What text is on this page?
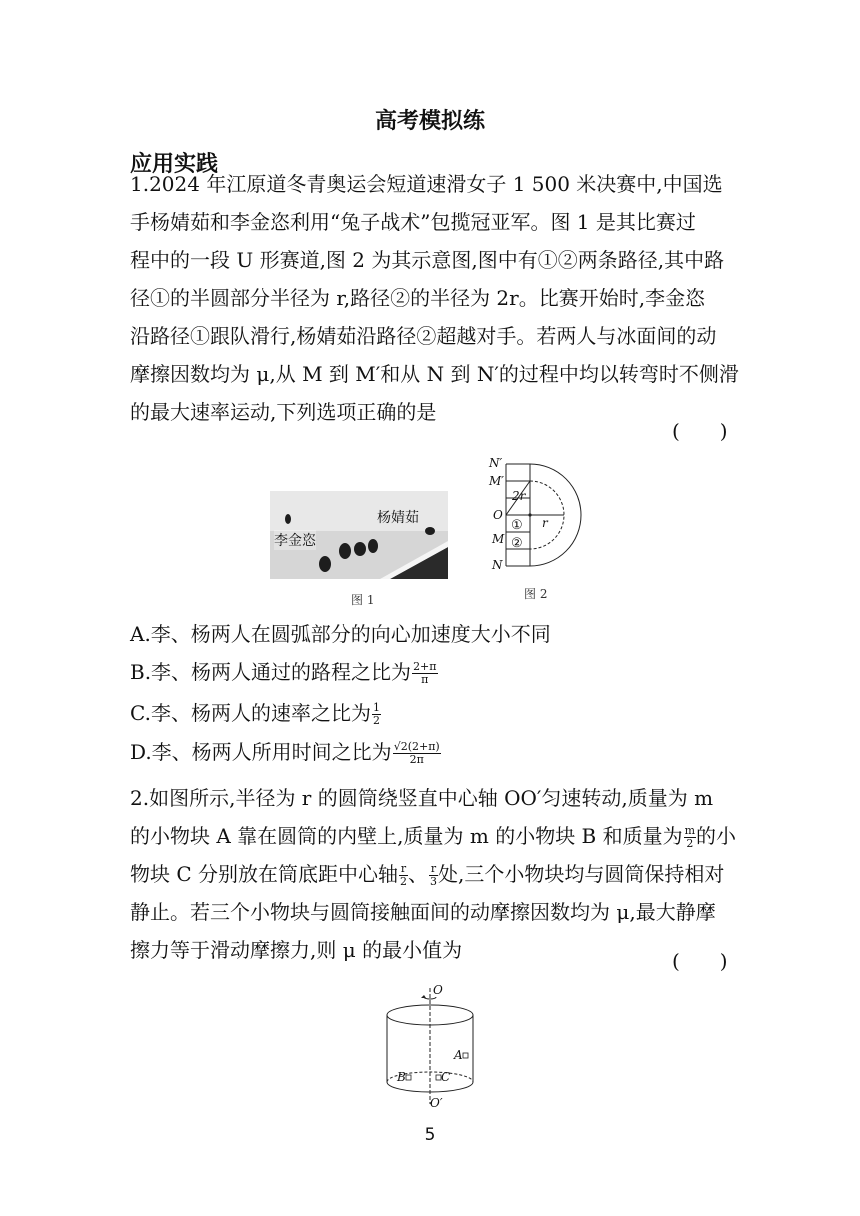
高考模拟练
应用实践
1.2024 年江原道冬青奥运会短道速滑女子 1 500 米决赛中,中国选
手杨婧茹和李金恣利用“兔子战术”包揽冠亚军。图 1 是其比赛过
程中的一段 U 形赛道,图 2 为其示意图,图中有①②两条路径,其中路
径①的半圆部分半径为 r,路径②的半径为 2r。比赛开始时,李金恣
沿路径①跟队滑行,杨婧茹沿路径②超越对手。若两人与冰面间的动
摩擦因数均为 μ,从 M 到 M′和从 N 到 N′的过程中均以转弯时不侧滑
的最大速率运动,下列选项正确的是
(　　)
李金恣
杨婧茹
图 1
N′
M′
O
M
N
2r
r
①
②
图 2
A.李、杨两人在圆弧部分的向心加速度大小不同
B.李、杨两人通过的路程之比为 $\frac{2+\pi}{\pi}$
C.李、杨两人的速率之比为 $\frac{1}{2}$
D.李、杨两人所用时间之比为 $\frac{√2(2+\pi)}{2\pi}$
2.如图所示,半径为 r 的圆筒绕竖直中心轴 OO′匀速转动,质量为 m
的小物块 A 靠在圆筒的内壁上,质量为 m 的小物块 B 和质量为 $\frac{m}{2}$ 的小
物块 C 分别放在筒底距中心轴 $\frac{r}{2}$ 、 $\frac{r}{3}$ 处,三个小物块均与圆筒保持相对
静止。若三个小物块与圆筒接触面间的动摩擦因数均为 μ,最大静摩
擦力等于滑动摩擦力,则 μ 的最小值为	(　　)
O
O′
A
B	C
5
